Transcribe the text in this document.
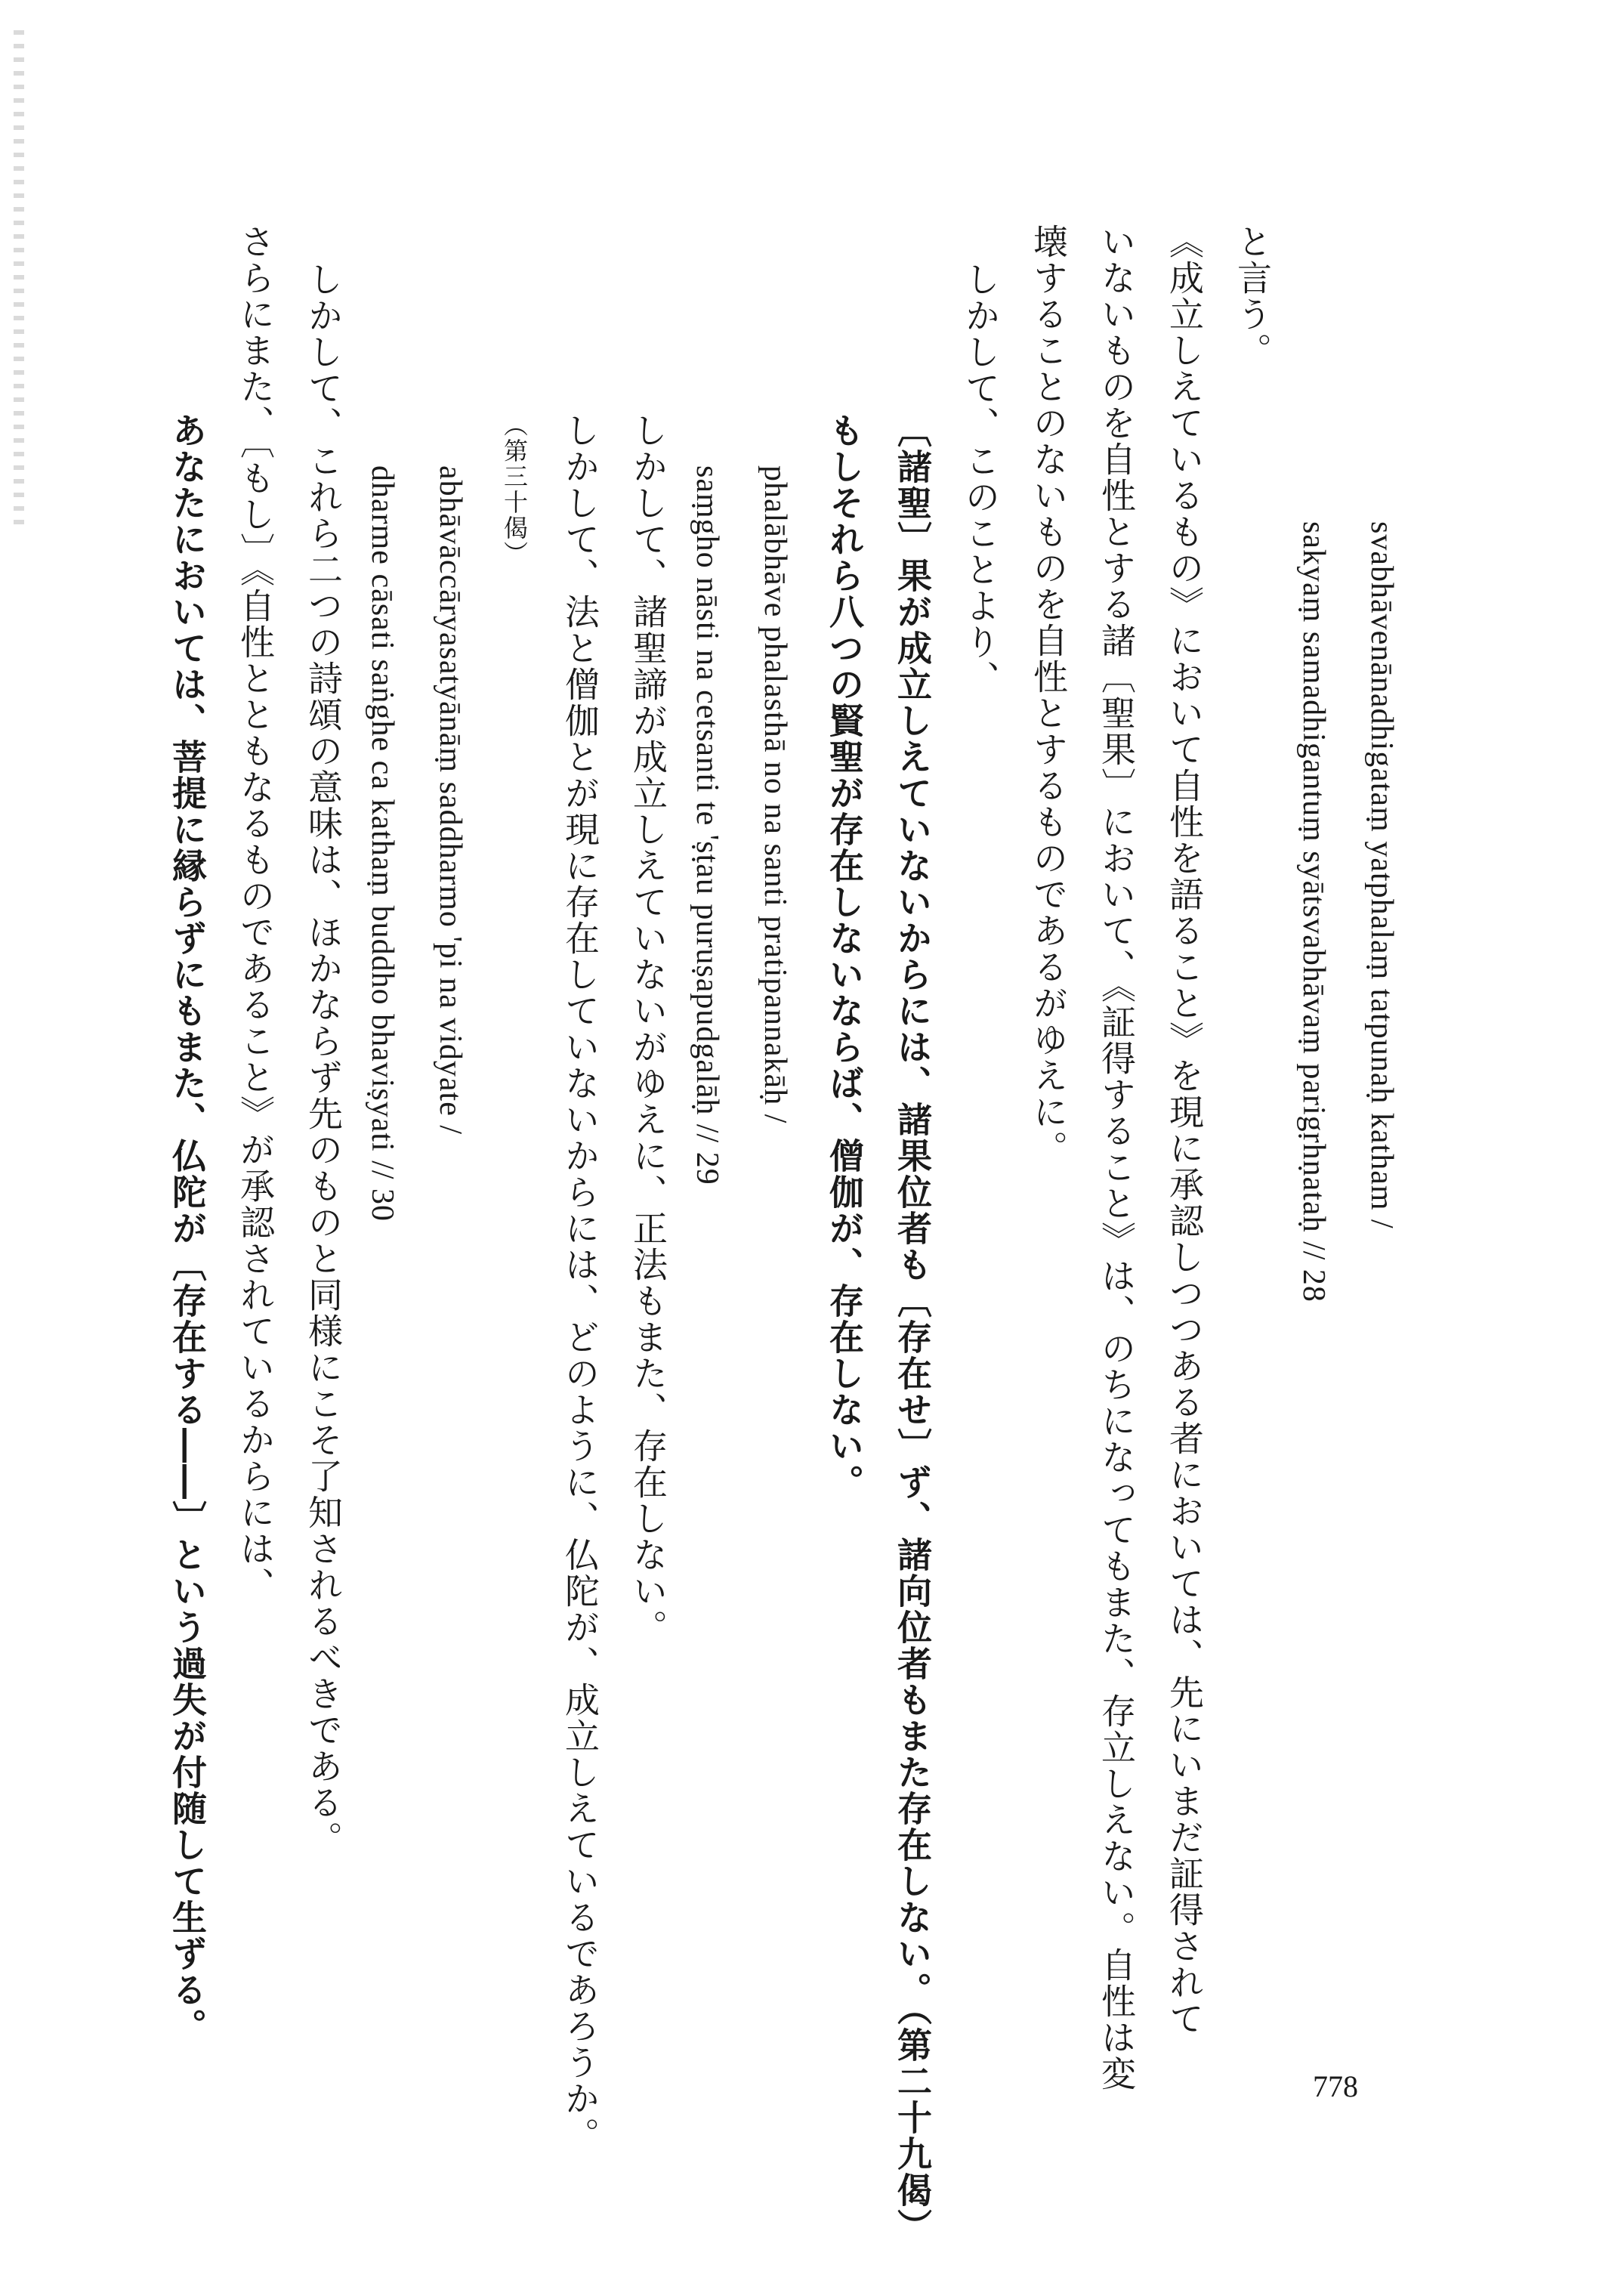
svabhāvenānadhigataṃ yatphalaṃ tatpunaḥ katham /
sakyaṃ samadhigantuṃ syātsvabhāvaṃ parigṛhṇataḥ // 28
と言う。
《成立しえているもの》において自性を語ること》を現に承認しつつある者においては、先にいまだ証得されて
いないものを自性とする諸〔聖果〕において、《証得すること》は、のちになってもまた、存立しえない。自性は変
壊することのないものを自性とするものであるがゆえに。
しかして、このことより、
〔諸聖〕果が成立しえていないからには、諸果位者も〔存在せ〕ず、諸向位者もまた存在しない。（第二十九偈）
もしそれら八つの賢聖が存在しないならば、僧伽が、存在しない。
phalābhāve phalasthā no na santi pratipannakāḥ /
saṃgho nāsti na cetsanti te 'ṣṭau puruṣapudgalāḥ // 29
しかして、諸聖諦が成立しえていないがゆえに、正法もまた、存在しない。
しかして、法と僧伽とが現に存在していないからには、どのように、仏陀が、成立しえているであろうか。
（第三十偈）
abhāvāccāryasatyānāṃ saddharmo 'pi na vidyate /
dharme cāsati saṅghe ca kathaṃ buddho bhaviṣyati // 30
しかして、これら二つの詩頌の意味は、ほかならず先のものと同様にこそ了知されるべきである。
さらにまた、〔もし〕《自性とともなるものであること》が承認されているからには、
あなたにおいては、菩提に縁らずにもまた、仏陀が〔存在する――〕という過失が付随して生ずる。
778
